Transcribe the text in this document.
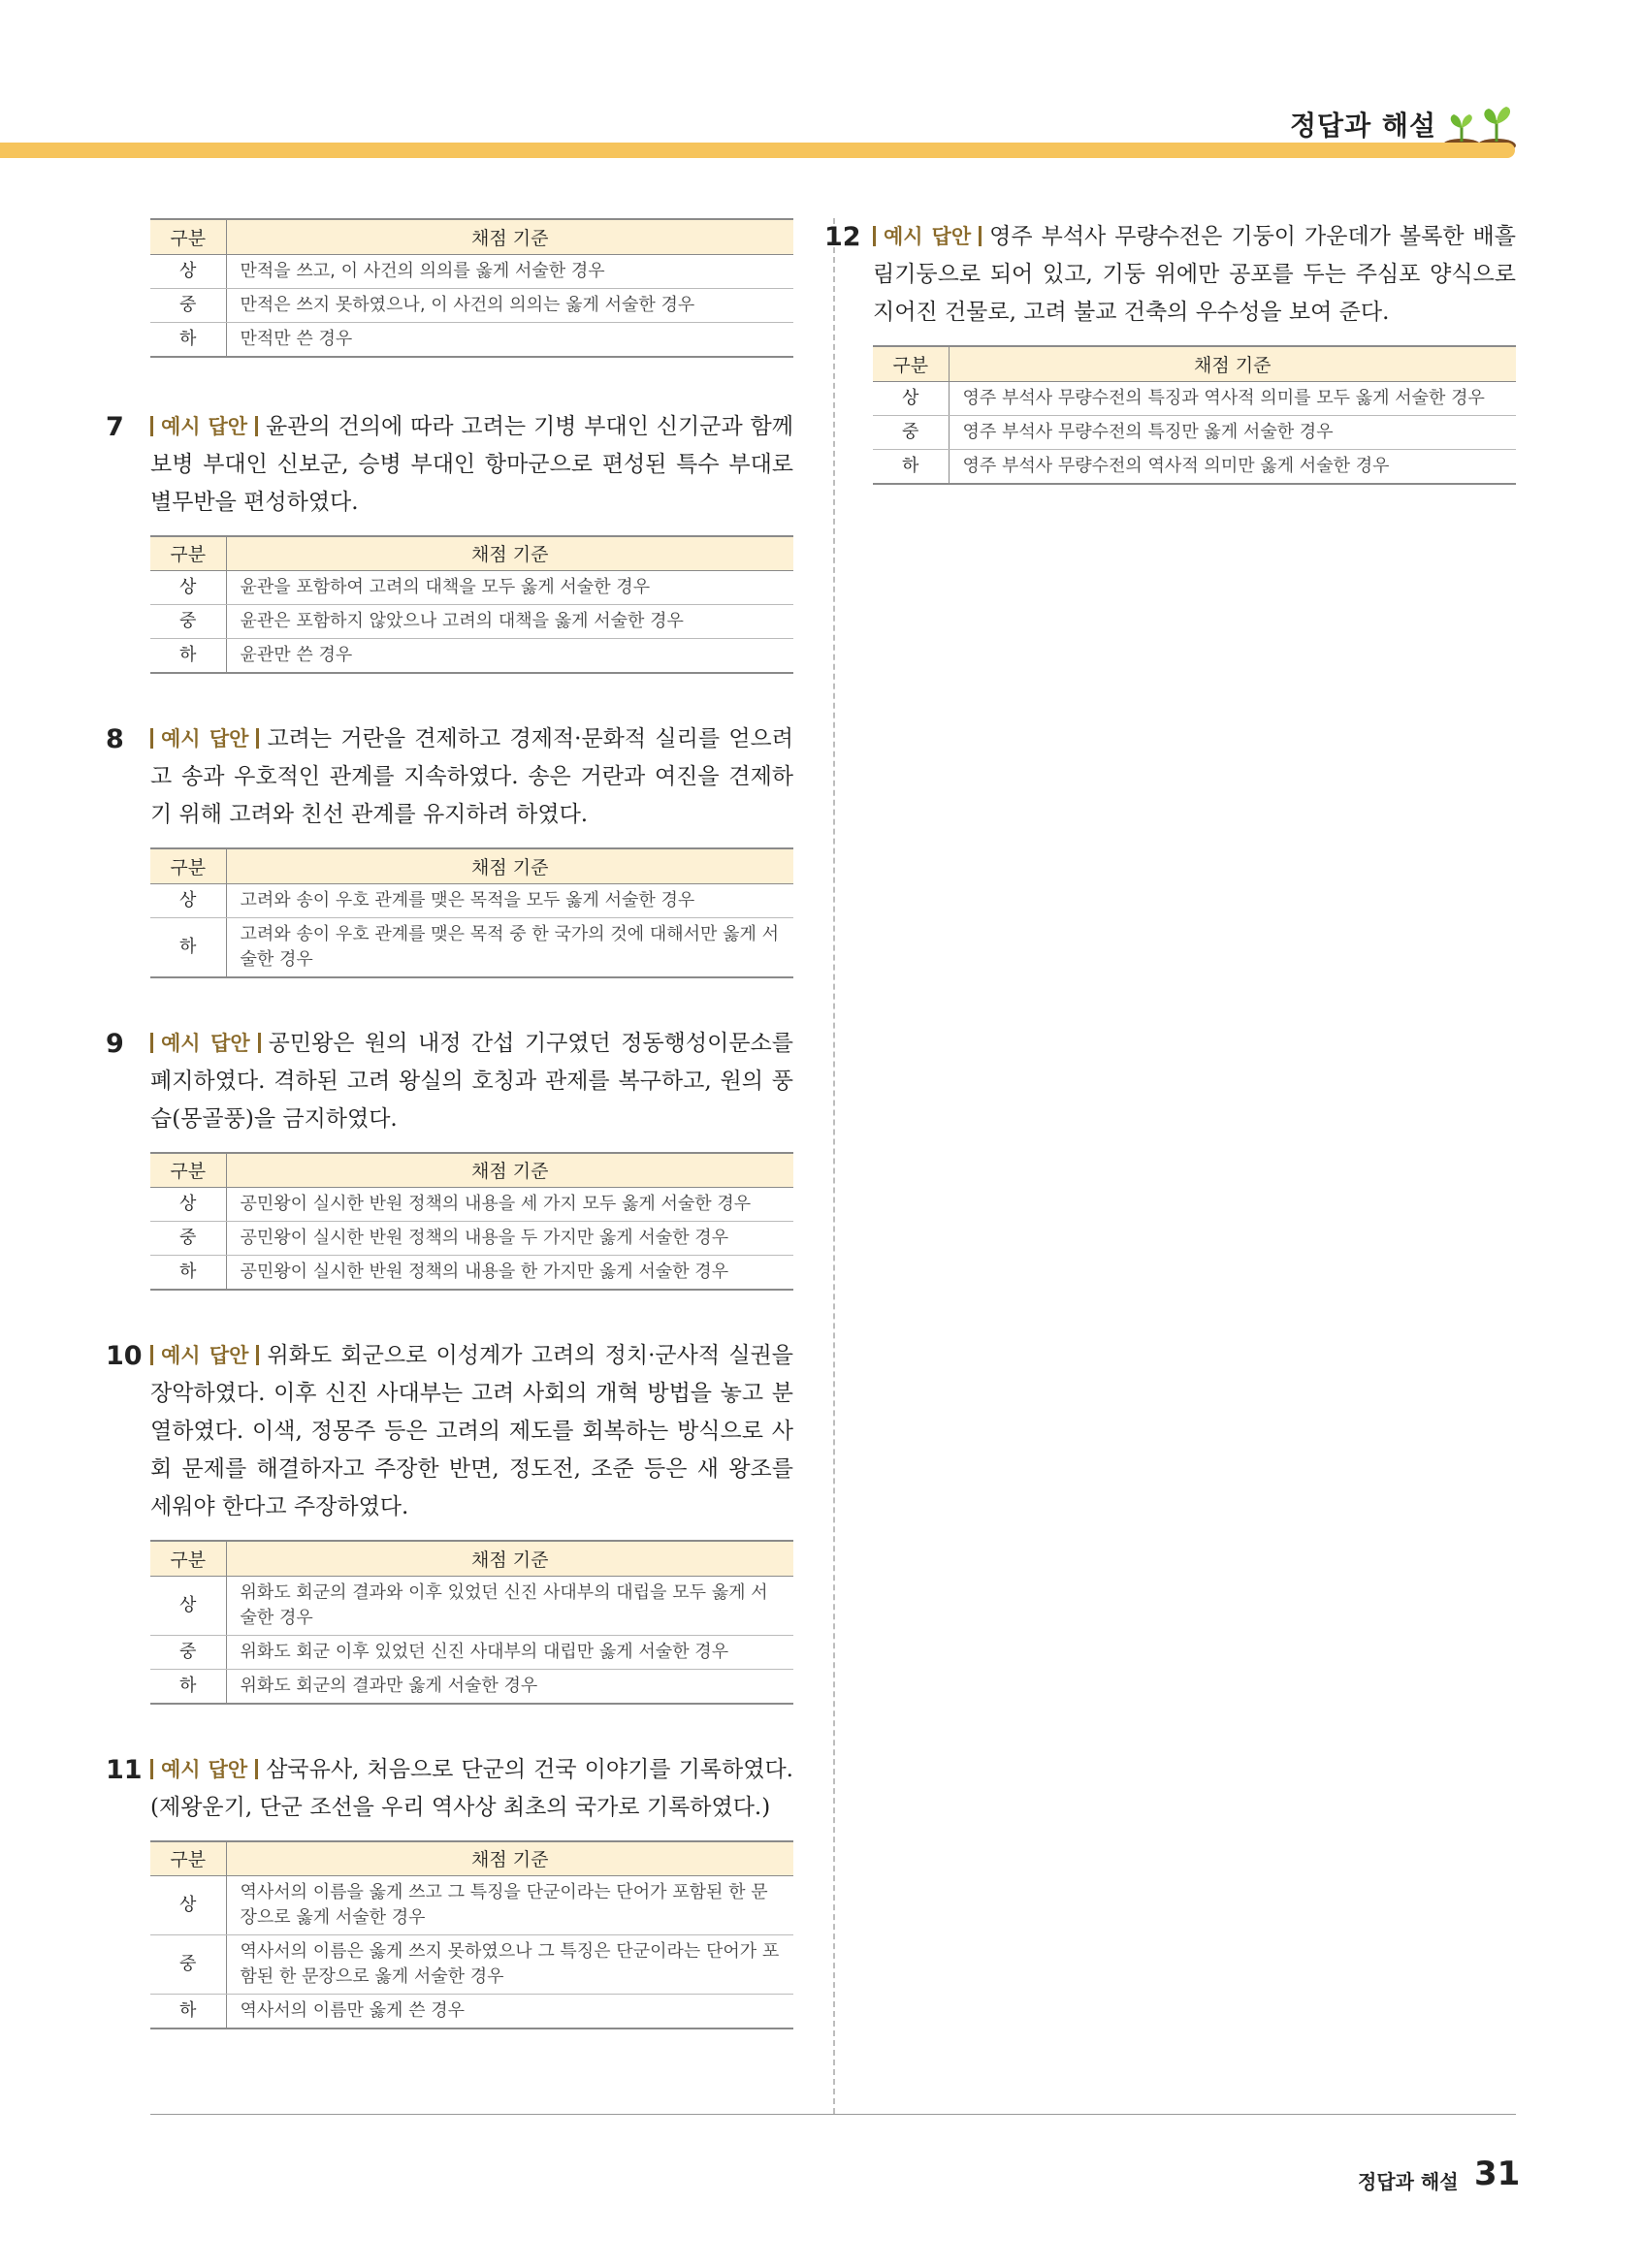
정답과 해설
구분	채점 기준
상	만적을 쓰고, 이 사건의 의의를 옳게 서술한 경우
중	만적은 쓰지 못하였으나, 이 사건의 의의는 옳게 서술한 경우
하	만적만 쓴 경우
7 예시 답안 윤관의 건의에 따라 고려는 기병 부대인 신기군과 함께 보병 부대인 신보군, 승병 부대인 항마군으로 편성된 특수 부대로 별무반을 편성하였다.
구분	채점 기준
상	윤관을 포함하여 고려의 대책을 모두 옳게 서술한 경우
중	윤관은 포함하지 않았으나 고려의 대책을 옳게 서술한 경우
하	윤관만 쓴 경우
8 예시 답안 고려는 거란을 견제하고 경제적·문화적 실리를 얻으려고 송과 우호적인 관계를 지속하였다. 송은 거란과 여진을 견제하기 위해 고려와 친선 관계를 유지하려 하였다.
구분	채점 기준
상	고려와 송이 우호 관계를 맺은 목적을 모두 옳게 서술한 경우
하	고려와 송이 우호 관계를 맺은 목적 중 한 국가의 것에 대해서만 옳게 서술한 경우
9 예시 답안 공민왕은 원의 내정 간섭 기구였던 정동행성이문소를 폐지하였다. 격하된 고려 왕실의 호칭과 관제를 복구하고, 원의 풍습(몽골풍)을 금지하였다.
구분	채점 기준
상	공민왕이 실시한 반원 정책의 내용을 세 가지 모두 옳게 서술한 경우
중	공민왕이 실시한 반원 정책의 내용을 두 가지만 옳게 서술한 경우
하	공민왕이 실시한 반원 정책의 내용을 한 가지만 옳게 서술한 경우
10 예시 답안 위화도 회군으로 이성계가 고려의 정치·군사적 실권을 장악하였다. 이후 신진 사대부는 고려 사회의 개혁 방법을 놓고 분열하였다. 이색, 정몽주 등은 고려의 제도를 회복하는 방식으로 사회 문제를 해결하자고 주장한 반면, 정도전, 조준 등은 새 왕조를 세워야 한다고 주장하였다.
구분	채점 기준
상	위화도 회군의 결과와 이후 있었던 신진 사대부의 대립을 모두 옳게 서술한 경우
중	위화도 회군 이후 있었던 신진 사대부의 대립만 옳게 서술한 경우
하	위화도 회군의 결과만 옳게 서술한 경우
11 예시 답안 삼국유사, 처음으로 단군의 건국 이야기를 기록하였다.(제왕운기, 단군 조선을 우리 역사상 최초의 국가로 기록하였다.)
구분	채점 기준
상	역사서의 이름을 옳게 쓰고 그 특징을 단군이라는 단어가 포함된 한 문장으로 옳게 서술한 경우
중	역사서의 이름은 옳게 쓰지 못하였으나 그 특징은 단군이라는 단어가 포함된 한 문장으로 옳게 서술한 경우
하	역사서의 이름만 옳게 쓴 경우
12 예시 답안 영주 부석사 무량수전은 기둥이 가운데가 볼록한 배흘림기둥으로 되어 있고, 기둥 위에만 공포를 두는 주심포 양식으로 지어진 건물로, 고려 불교 건축의 우수성을 보여 준다.
구분	채점 기준
상	영주 부석사 무량수전의 특징과 역사적 의미를 모두 옳게 서술한 경우
중	영주 부석사 무량수전의 특징만 옳게 서술한 경우
하	영주 부석사 무량수전의 역사적 의미만 옳게 서술한 경우
정답과 해설 31
